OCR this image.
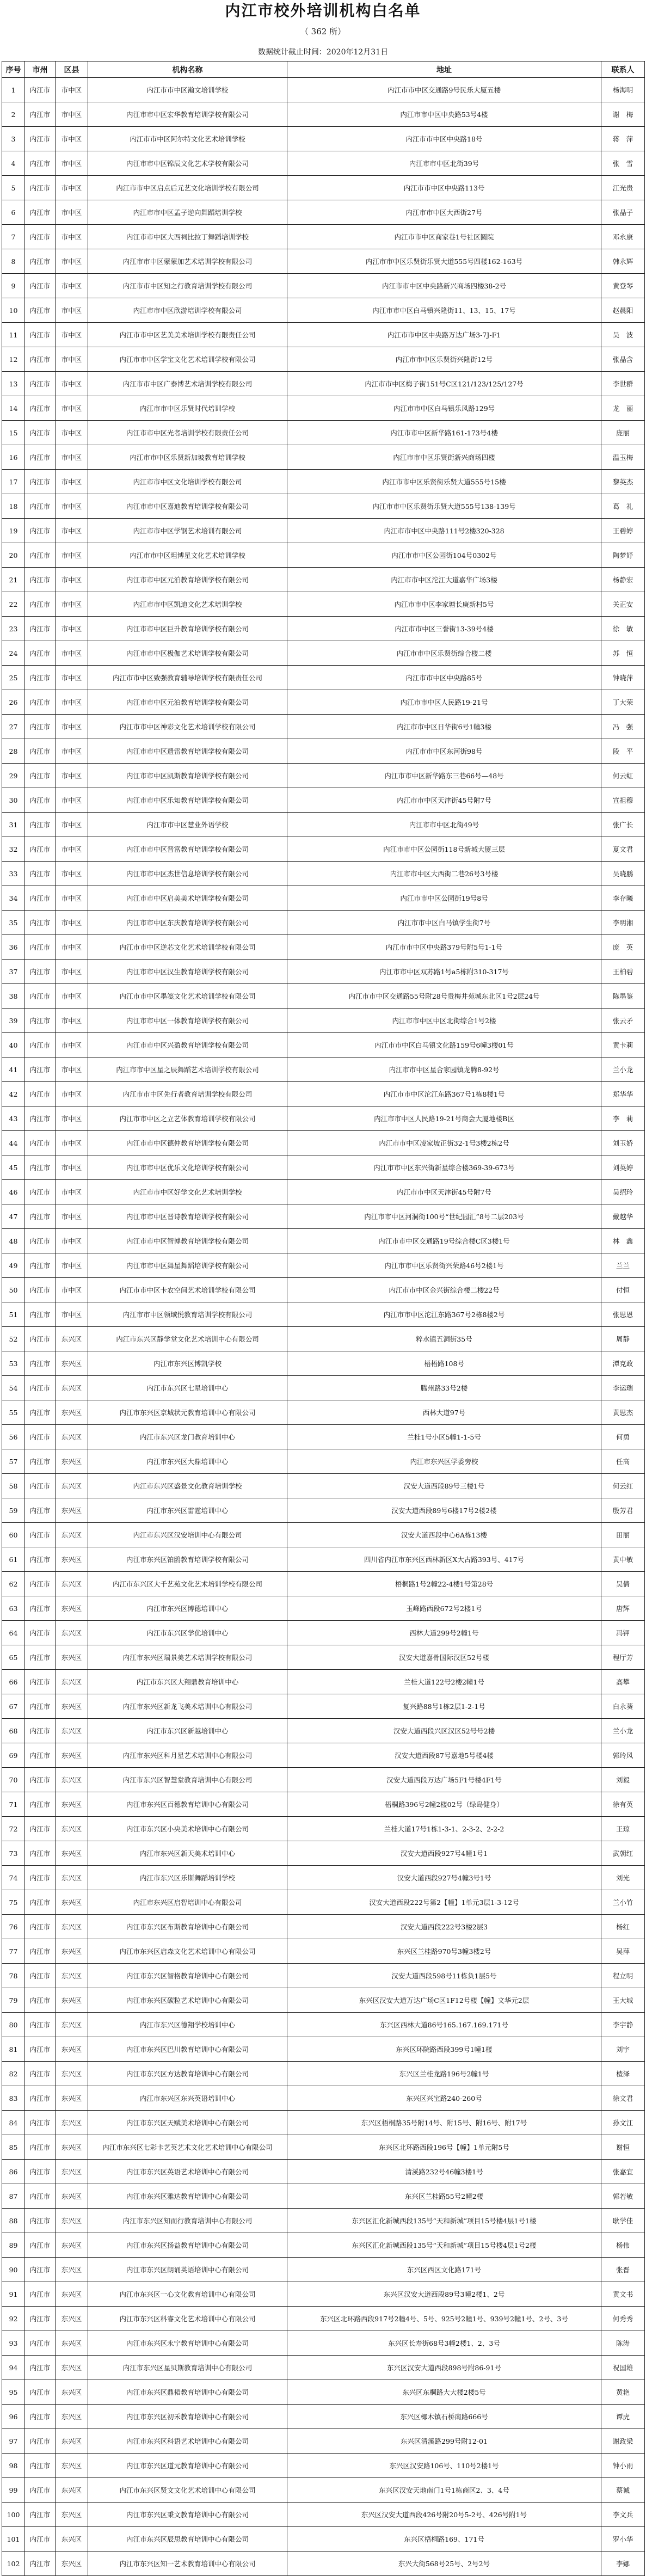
内江市校外培训机构白名单
（ 362 所）
数据统计截止时间：2020年12月31日
序号	市州	区县	机构名称	地址	联系人
1	内江市	市中区	内江市市中区瀚文培训学校	内江市市中区交通路9号民乐大厦五楼	杨海明
2	内江市	市中区	内江市市中区宏华教育培训学校有限公司	内江市市中区中央路53号4楼	谢　梅
3	内江市	市中区	内江市市中区阿尔特文化艺术培训学校	内江市市中区中央路18号	蒋　萍
4	内江市	市中区	内江市市中区锦辰文化艺术学校有限公司	内江市市中区北街39号	张　雪
5	内江市	市中区	内江市市中区启点后元艺文化培训学校有限公司	内江市市中区中央路113号	江光贵
6	内江市	市中区	内江市市中区孟子逆向舞蹈培训学校	内江市市中区大西街27号	张晶子
7	内江市	市中区	内江市市中区大西祠比拉丁舞蹈培训学校	内江市市中区商家巷1号社区圆院	邓永康
8	内江市	市中区	内江市市中区蒙蒙加艺术培训学校有限公司	内江市市中区乐贤街乐贤大道555号四楼162-163号	韩永辉
9	内江市	市中区	内江市市中区知之行教育培训学校有限公司	内江市市中区中央路新兴商场四楼38-2号	黄登琴
10	内江市	市中区	内江市市中区欣游培训学校有限公司	内江市市中区白马镇兴隆街11、13、15、17号	赵晨阳
11	内江市	市中区	内江市市中区艺美美术培训学校有限责任公司	内江市市中区中央路万达广场3-7J-F1	吴　波
12	内江市	市中区	内江市市中区学宝文化艺术培训学校有限公司	内江市市中区乐贤街兴隆街12号	张晶含
13	内江市	市中区	内江市市中区广泰博艺术培训学校有限公司	内江市市中区梅子街151号C区121/123/125/127号	李世群
14	内江市	市中区	内江市市中区乐贤时代培训学校	内江市市中区白马镇乐风路129号	龙　丽
15	内江市	市中区	内江市市中区光者培训学校有限责任公司	内江市市中区新华路161-173号4楼	庞丽
16	内江市	市中区	内江市市中区乐贤新加坡教育培训学校	内江市市中区乐贤街新兴商场四楼	温玉梅
17	内江市	市中区	内江市市中区文化培训学校有限公司	内江市市中区乐贤街乐贤大道555号15楼	黎英杰
18	内江市	市中区	内江市市中区嘉迪教育培训学校有限公司	内江市市中区乐贤街乐贤大道555号138-139号	葛　礼
19	内江市	市中区	内江市市中区学钢艺术培训有限公司	内江市市中区中央路111号2楼320-328	王碧婷
20	内江市	市中区	内江市市中区坦博星文化艺术培训学校	内江市市中区公园街104号0302号	陶梦妤
21	内江市	市中区	内江市市中区元泊教育培训学校有限公司	内江市市中区沱江大道嘉华广场3楼	杨静宏
22	内江市	市中区	内江市市中区凯迪文化艺术培训学校	内江市市中区李家塘长庚新村5号	关正安
23	内江市	市中区	内江市市中区巨升教育培训学校有限公司	内江市市中区三誉街13-39号4楼	徐　敏
24	内江市	市中区	内江市市中区极伽艺术培训学校有限公司	内江市市中区乐贤街综合楼二楼	苏　恒
25	内江市	市中区	内江市市中区致强教育辅导培训学校有限责任公司	内江市市中区中央路85号	钟晓萍
26	内江市	市中区	内江市市中区元泊教育培训学校有限公司	内江市市中区人民路19-21号	丁大荣
27	内江市	市中区	内江市市中区神彩文化艺术培训学校有限公司	内江市市中区日华街6号1幢3楼	冯　强
28	内江市	市中区	内江市市中区遗雷教育培训学校有限公司	内江市市中区东河街98号	段　平
29	内江市	市中区	内江市市中区凯斯教育培训学校有限公司	内江市市中区新华路东三巷66号—48号	何云虹
30	内江市	市中区	内江市市中区乐知教育培训学校有限公司	内江市市中区天津街45号附7号	宣祖穆
31	内江市	市中区	内江市市中区慧业外语学校	内江市市中区北街49号	张广长
32	内江市	市中区	内江市市中区晋富教育培训学校有限公司	内江市市中区公园街118号新城大厦三层	夏文君
33	内江市	市中区	内江市市中区杰世信息培训学校有限公司	内江市市中区大西街二巷26号3号楼	吴晓鹏
34	内江市	市中区	内江市市中区启美美术培训学校有限公司	内江市市中区公园街19号8号	李存曦
35	内江市	市中区	内江市市中区东庆教育培训学校有限公司	内江市市中区白马镇学生街7号	李明湘
36	内江市	市中区	内江市市中区逆芯文化艺术培训学校有限公司	内江市市中区中央路379号附5号1-1号	庞　英
37	内江市	市中区	内江市市中区汉生教育培训学校有限公司	内江市市中区双苏路1号a5栋附310-317号	王柏碧
38	内江市	市中区	内江市市中区墨笺文化艺术培训学校有限公司	内江市市中区交通路55号附28号贵梅井苑城东北区1号2层24号	陈墨鉴
39	内江市	市中区	内江市市中区一体教育培训学校有限公司	内江市市中区中区北街综合1号2楼	张云矛
40	内江市	市中区	内江市市中区兴盈教育培训学校有限公司	内江市市中区白马镇文化路159号6幢3楼01号	黄卡莉
41	内江市	市中区	内江市市中区星之辰舞蹈艺术培训学校有限公司	内江市市中区星合家园镇龙腾8-92号	兰小龙
42	内江市	市中区	内江市市中区先行者教育培训学校有限公司	内江市市中区沱江东路367号1栋8楼1号	郑华华
43	内江市	市中区	内江市市中区之立艺体教育培训学校有限公司	内江市市中区人民路19-21号商会大厦地楼B区	李　莉
44	内江市	市中区	内江市市中区德仲教育培训学校有限公司	内江市市中区凌家坡正街32-1号3楼2栋2号	刘玉娇
45	内江市	市中区	内江市市中区优乐文化培训学校有限公司	内江市市中区东兴街新星综合楼369-39-673号	刘英婷
46	内江市	市中区	内江市市中区好学文化艺术培训学校	内江市市中区天津街45号附7号	吴绍玲
47	内江市	市中区	内江市市中区晋诗教育培训学校有限公司	内江市市中区河洞街100号“世纪园汇”8号二层203号	戴越华
48	内江市	市中区	内江市市中区智博教育培训学校有限公司	内江市市中区交通路19号综合楼C区3楼1号	林　鑫
49	内江市	市中区	内江市市中区舞星舞蹈培训学校有限公司	内江市市中区乐贤街兴荣路46号2楼1号	兰兰
50	内江市	市中区	内江市市中区卡农空间艺术培训学校有限公司	内江市市中区金兴街综合楼二楼22号	付恒
51	内江市	市中区	内江市市中区领域悦教育培训学校有限公司	内江市市中区沱江东路367号2栋8楼2号	张思恩
52	内江市	东兴区	内江市东兴区静学堂文化艺术培训中心有限公司	粹水镇五洞街35号	周静
53	内江市	东兴区	内江市东兴区博凯学校	梧梧路108号	潭克政
54	内江市	东兴区	内江市东兴区七星培训中心	腾州路33号2楼	李运瑞
55	内江市	东兴区	内江市东兴区京城状元教育培训中心有限公司	西林大道97号	黄思杰
56	内江市	东兴区	内江市东兴区龙门教育培训中心	兰桂1号小区5幢1-1-5号	何勇
57	内江市	东兴区	内江市东兴区大鼎培训中心	内江市东兴区学委旁校	任高
58	内江市	东兴区	内江市东兴区盛景文化教育培训学校	汉安大道西段89号三楼1号	何云红
59	内江市	东兴区	内江市东兴区雷霆培训中心	汉安大道西段89号6楼17号2楼2楼	殷芳君
60	内江市	东兴区	内江市东兴区汉安培训中心有限公司	汉安大道西段中心6A栋13楼	田丽
61	内江市	东兴区	内江市东兴区铂鸥教育培训学校有限公司	四川省内江市东兴区西林新区Ⅹ大古路393号、417号	黄中敏
62	内江市	东兴区	内江市东兴区大千艺苑文化艺术培训学校有限公司	梧桐路1号2幢22-4楼1号第28号	吴倩
63	内江市	东兴区	内江市东兴区博德培训中心	玉峰路西段672号2楼1号	唐辉
64	内江市	东兴区	内江市东兴区学优培训中心	西林大道299号2幢1号	冯钾
65	内江市	东兴区	内江市东兴区瑞景美艺术培训学校有限公司	汉安大道嘉骨国际汉区52号楼	程厅芳
66	内江市	东兴区	内江市东兴区大翔鼎教育培训中心	兰桂大道122号2楼2幢1号	高攀
67	内江市	东兴区	内江市东兴区新龙飞美术培训中心有限公司	复兴路88号1栋2层1-2-1号	白永葵
68	内江市	东兴区	内江市东兴区新越培训中心	汉安大道西段兴区汉区52号号2楼	兰小龙
69	内江市	东兴区	内江市东兴区科月星艺术培训中心有限公司	汉安大道西段87号嘉地5号楼4楼	郭玲风
70	内江市	东兴区	内江市东兴区智慧堂教育培训中心有限公司	汉安大道西段万达广场5F1号楼4F1号	刘毅
71	内江市	东兴区	内江市东兴区百德教育培训中心有限公司	梧桐路396号2幢2楼02号（绿岛健身）	徐有英
72	内江市	东兴区	内江市东兴区小央美术培训中心有限公司	兰桂大道17号1栋1-3-1、2-3-2、2-2-2	王琼
73	内江市	东兴区	内江市东兴区新天美术培训中心	汉安大道西段927号4幢1号1	武朝红
74	内江市	东兴区	内江市东兴区乐斯舞蹈培训学校	汉安大道西段927号4幢3号1号	刘光
75	内江市	东兴区	内江市东兴区启智培训中心有限公司	汉安大道西段222号第2【幢】1单元3层1-3-12号	兰小竹
76	内江市	东兴区	内江市东兴区布斯教育培训中心有限公司	汉安大道西段222号3楼2层3	杨红
77	内江市	东兴区	内江市东兴区启森文化艺术培训中心有限公司	东兴区兰桂路970号3幢3楼2号	吴萍
78	内江市	东兴区	内江市东兴区智格教育培训中心有限公司	汉安大道西段598号11栋负1层5号	程立明
79	内江市	东兴区	内江市东兴区碳粒艺术培训中心有限公司	东兴区汉安大道万达广场C区1F12号楼【幢】文华元2层	王大城
80	内江市	东兴区	内江市东兴区德翔学校培训中心	东兴区西林大道86号165.167.169.171号	李宇静
81	内江市	东兴区	内江市东兴区巴川教育培训中心有限公司	东兴区环院路西段399号1幢1楼	刘宇
82	内江市	东兴区	内江市东兴区方达教育培训中心有限公司	东兴区兰桂龙路196号2幢1号	楂泽
83	内江市	东兴区	内江市东兴区东兴英语培训中心	东兴区兴宝路240-260号	徐文君
84	内江市	东兴区	内江市东兴区天赋美术培训中心有限公司	东兴区梧桐路35号附14号、附15号、附16号、附17号	孙文江
85	内江市	东兴区	内江市东兴区七彩卡艺英艺术文化艺术培训中心有限公司	东兴区北环路西段196号【幢】1单元附5号	谢恒
86	内江市	东兴区	内江市东兴区英语艺术培训中心有限公司	清溪路232号46幢3楼1号	张嘉宜
87	内江市	东兴区	内江市东兴区雅达教育培训中心有限公司	东兴区兰桂路55号2幢2楼	郭若敏
88	内江市	东兴区	内江市东兴区知而行教育培训中心有限公司	东兴区汇化新城西段135号“天和新城”项目15号楼4层1号1楼	耿学佳
89	内江市	东兴区	内江市东兴区扬益教育培训中心有限公司	东兴区汇化新城西段135号“天和新城”项目15号楼4层1号2楼	杨伟
90	内江市	东兴区	内江市东兴区朗诵英语培训中心有限公司	东兴区西区文化路171号	张晋
91	内江市	东兴区	内江市东兴区一心文化教育培训中心有限公司	东兴区汉安大道西段89号3幢2楼1、2号	黄文书
92	内江市	东兴区	内江市东兴区科睿文化艺术培训中心有限公司	东兴区北环路西段917号2幢4号、5号、925号2幢1号、939号2幢1号、2号、3号	何秀秀
93	内江市	东兴区	内江市东兴区永宁教育培训中心有限公司	东兴区长寿街68号3幢2楼1、2、3号	陈涛
94	内江市	东兴区	内江市东兴区星贝斯教育培训中心有限公司	东兴区汉安大道西段898号附86-91号	祝国雄
95	内江市	东兴区	内江市东兴区鼎韬教育培训中心有限公司	东兴区东桐路大大楼2楼5号	黄艳
96	内江市	东兴区	内江市东兴区初禾教育培训中心有限公司	东兴区椰木镇石桥南路666号	谭虎
97	内江市	东兴区	内江市东兴区科语艺术培训中心有限公司	东兴区清溪路299号附12-01	谢政梁
98	内江市	东兴区	内江市东兴区道元教育培训中心有限公司	东兴区汉安路106号、110号2楼1号	钟小雨
99	内江市	东兴区	内江市东兴区贤文文化艺术培训中心有限公司	东兴区汉安天地南门1号1栋商区2、3、4号	蔡诚
100	内江市	东兴区	内江市东兴区秉文教育培训中心有限公司	东兴区汉安大道西段426号附20号5-2号、426号附1号	李文兵
101	内江市	东兴区	内江市东兴区辰思教育培训中心有限公司	东兴区梧桐路169、171号	罗小华
102	内江市	东兴区	内江市东兴区知一艺术教育培训中心有限公司	东兴大街568号25号、2号2号	李娜
